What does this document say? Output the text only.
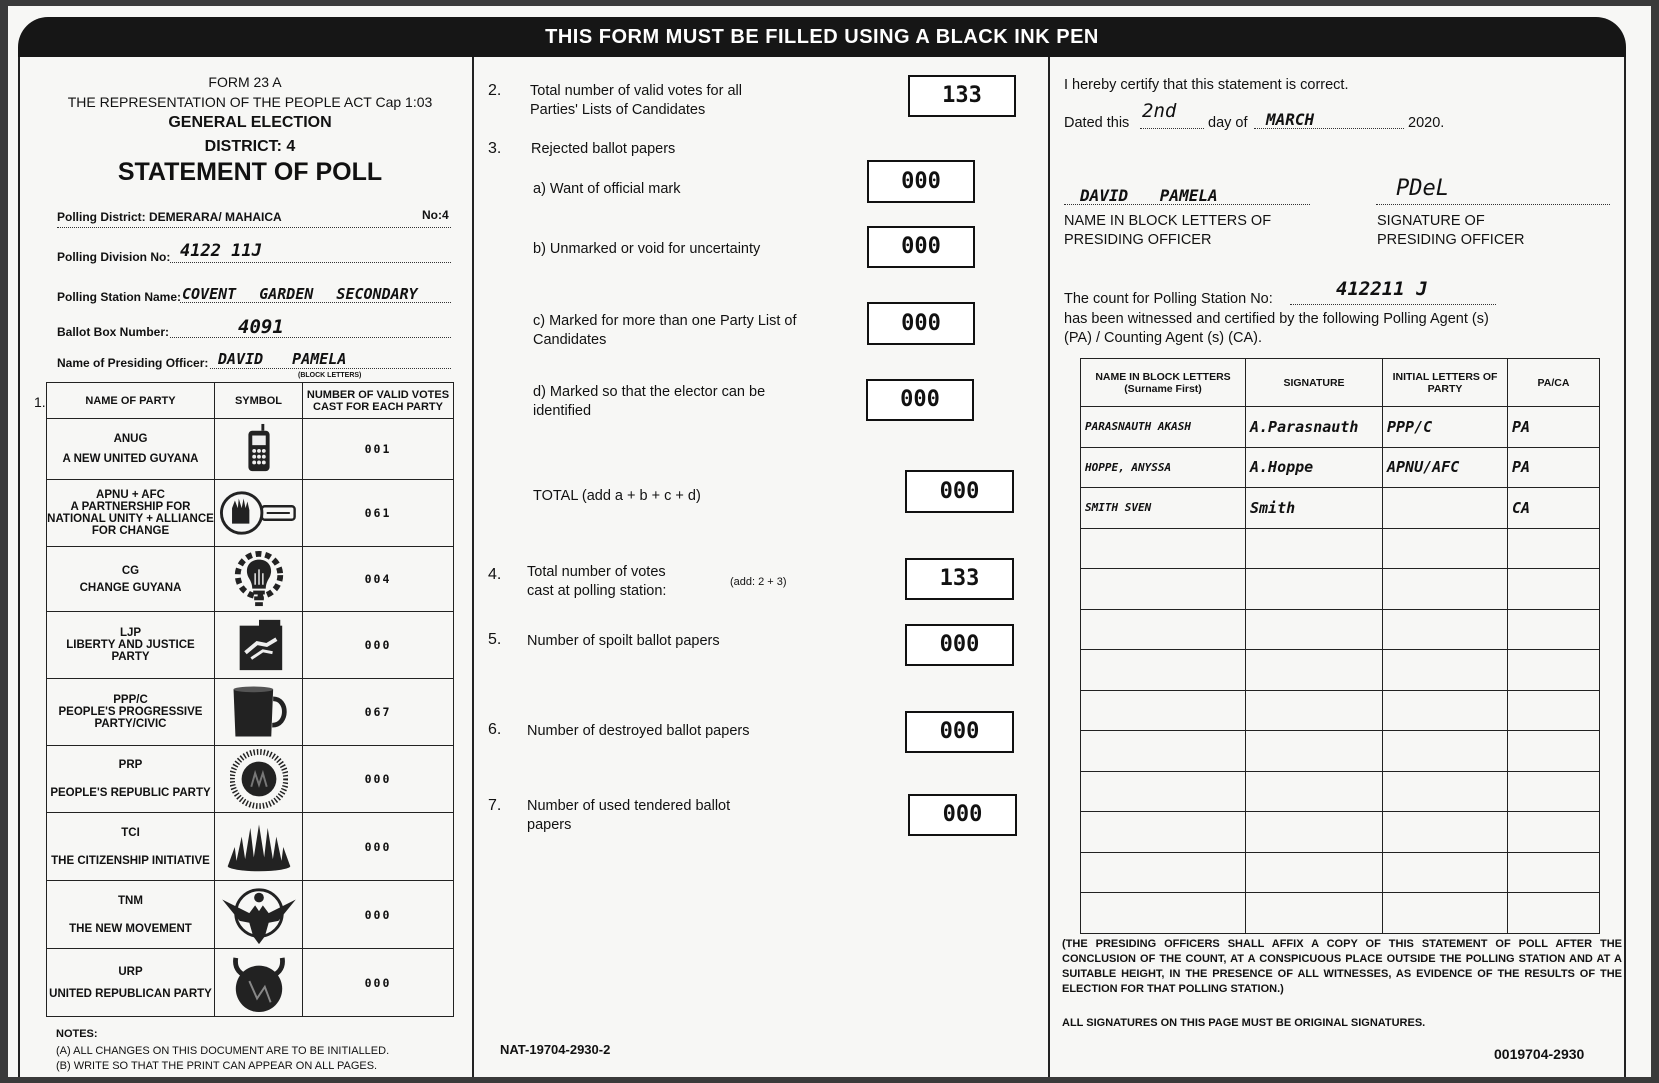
THIS FORM MUST BE FILLED USING A BLACK INK PEN
FORM 23 A
THE REPRESENTATION OF THE PEOPLE ACT Cap 1:03
GENERAL ELECTION
DISTRICT: 4
STATEMENT OF POLL
Polling District: DEMERARA/ MAHAICA	No:4
Polling Division No: 4122 11J
Polling Station Name: COVENT GARDEN SECONDARY
Ballot Box Number:	4091
Name of Presiding Officer: DAVID PAMELA
(BLOCK LETTERS)
1.	NAME OF PARTY	SYMBOL	NUMBER OF VALID VOTES CAST FOR EACH PARTY

ANUG
A NEW UNITED GUYANA		001

APNU + AFC
A PARTNERSHIP FOR NATIONAL UNITY + ALLIANCE FOR CHANGE		061

CG
CHANGE GUYANA		004

LJP
LIBERTY AND JUSTICE PARTY		000

PPP/C
PEOPLE'S PROGRESSIVE PARTY/CIVIC		067

PRP
PEOPLE'S REPUBLIC PARTY		000

TCI
THE CITIZENSHIP INITIATIVE		000

TNM
THE NEW MOVEMENT		000

URP
UNITED REPUBLICAN PARTY		000
NOTES:
(A) ALL CHANGES ON THIS DOCUMENT ARE TO BE INITIALLED.
(B) WRITE SO THAT THE PRINT CAN APPEAR ON ALL PAGES.
2. Total number of valid votes for all Parties' Lists of Candidates
133
3. Rejected ballot papers
a) Want of official mark	000
b) Unmarked or void for uncertainty	000
c) Marked for more than one Party List of Candidates
000
d) Marked so that the elector can be identified	000
TOTAL (add a + b + c + d)	000
4. Total number of votes cast at polling station:
(add: 2 + 3)	133
5. Number of spoilt ballot papers	000
6. Number of destroyed ballot papers	000
7. Number of used tendered ballot papers	000
NAT-19704-2930-2
I hereby certify that this statement is correct.
Dated this
2nd
day of MARCH	2020.
DAVID PAMELA	PDeL
NAME IN BLOCK LETTERS OF PRESIDING OFFICER
SIGNATURE OF PRESIDING OFFICER
The count for Polling Station No:	412211 J
has been witnessed and certified by the following Polling Agent (s) (PA) / Counting Agent (s) (CA).
NAME IN BLOCK LETTERS (Surname First)	SIGNATURE	INITIAL LETTERS OF PARTY	PA/CA
PARASNAUTH AKASH	A.Parasnauth	PPP/C	PA
HOPPE, ANYSSA	A.Hoppe	APNU/AFC	PA
SMITH SVEN	Smith		CA

(THE PRESIDING OFFICERS SHALL AFFIX A COPY OF THIS STATEMENT OF POLL AFTER THE CONCLUSION OF THE COUNT, AT A CONSPICUOUS PLACE OUTSIDE THE POLLING STATION AND AT A SUITABLE HEIGHT, IN THE PRESENCE OF ALL WITNESSES, AS EVIDENCE OF THE RESULTS OF THE ELECTION FOR THAT POLLING STATION.)
ALL SIGNATURES ON THIS PAGE MUST BE ORIGINAL SIGNATURES.
0019704-2930
